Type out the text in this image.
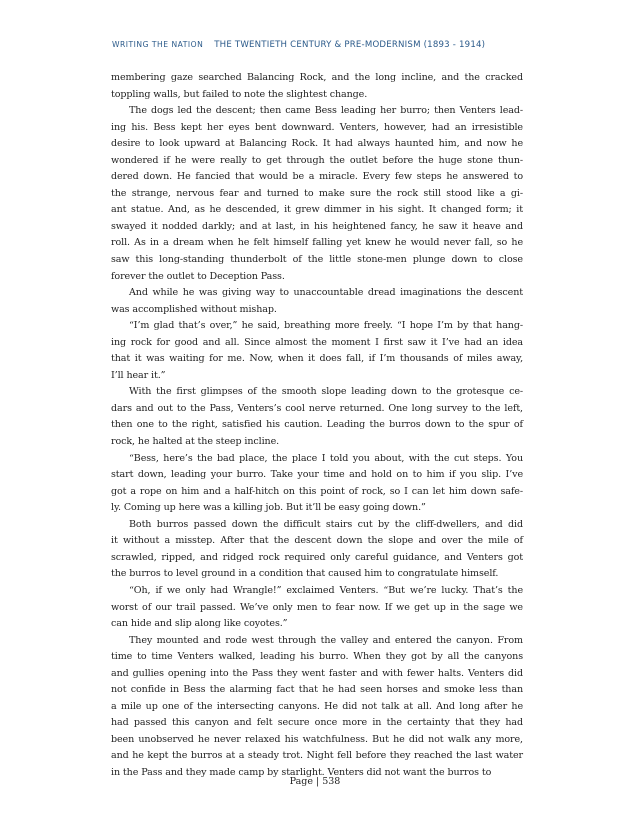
WRITING THE NATION THE TWENTIETH CENTURY & PRE-MODERNISM (1893 - 1914)

membering gaze searched Balancing Rock, and the long incline, and the cracked
toppling walls, but failed to note the slightest change.

The dogs led the descent; then came Bess leading her burro; then Venters lead-
ing his. Bess kept her eyes bent downward. Venters, however, had an irresistible
desire to look upward at Balancing Rock. It had always haunted him, and now he
wondered if he were really to get through the outlet before the huge stone thun-
dered down. He fancied that would be a miracle. Every few steps he answered to
the strange, nervous fear and turned to make sure the rock still stood like a gi-
ant statue. And, as he descended, it grew dimmer in his sight. It changed form; it
swayed it nodded darkly; and at last, in his heightened fancy, he saw it heave and
roll. As in a dream when he felt himself falling yet knew he would never fall, so he
saw this long-standing thunderbolt of the little stone-men plunge down to close
forever the outlet to Deception Pass.

And while he was giving way to unaccountable dread imaginations the descent
was accomplished without mishap.

“I’m glad that’s over,” he said, breathing more freely. “I hope I’m by that hang-
ing rock for good and all. Since almost the moment I first saw it I’ve had an idea
that it was waiting for me. Now, when it does fall, if I’m thousands of miles away,
I’ll hear it.”

With the first glimpses of the smooth slope leading down to the grotesque ce-
dars and out to the Pass, Venters’s cool nerve returned. One long survey to the left,
then one to the right, satisfied his caution. Leading the burros down to the spur of
rock, he halted at the steep incline.

“Bess, here’s the bad place, the place I told you about, with the cut steps. You
start down, leading your burro. Take your time and hold on to him if you slip. I’ve
got a rope on him and a half-hitch on this point of rock, so I can let him down safe-
ly. Coming up here was a killing job. But it’ll be easy going down.”

Both burros passed down the difficult stairs cut by the cliff-dwellers, and did
it without a misstep. After that the descent down the slope and over the mile of
scrawled, ripped, and ridged rock required only careful guidance, and Venters got
the burros to level ground in a condition that caused him to congratulate himself.

“Oh, if we only had Wrangle!” exclaimed Venters. “But we’re lucky. That’s the
worst of our trail passed. We’ve only men to fear now. If we get up in the sage we
can hide and slip along like coyotes.”

They mounted and rode west through the valley and entered the canyon. From
time to time Venters walked, leading his burro. When they got by all the canyons
and gullies opening into the Pass they went faster and with fewer halts. Venters did
not confide in Bess the alarming fact that he had seen horses and smoke less than
a mile up one of the intersecting canyons. He did not talk at all. And long after he
had passed this canyon and felt secure once more in the certainty that they had
been unobserved he never relaxed his watchfulness. But he did not walk any more,
and he kept the burros at a steady trot. Night fell before they reached the last water
in the Pass and they made camp by starlight. Venters did not want the burros to

Page | 538
